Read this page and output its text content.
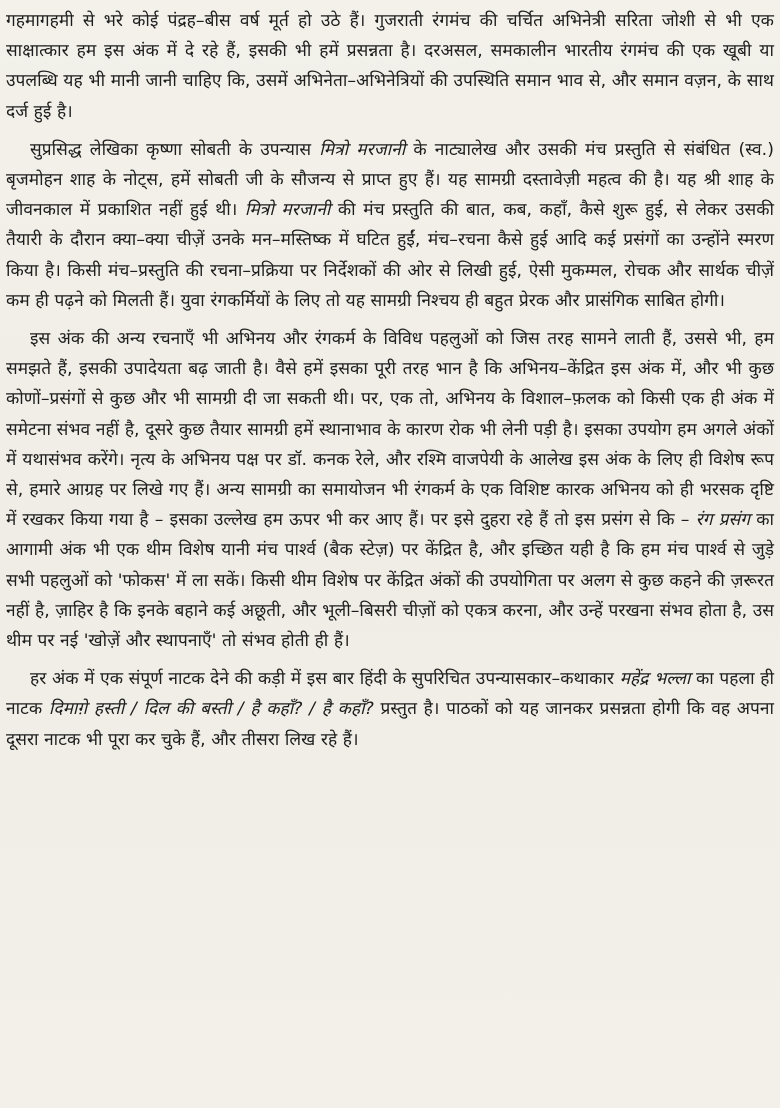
गहमागहमी से भरे कोई पंद्रह–बीस वर्ष मूर्त हो उठे हैं। गुजराती रंगमंच की चर्चित अभिनेत्री सरिता जोशी से भी एक साक्षात्कार हम इस अंक में दे रहे हैं, इसकी भी हमें प्रसन्नता है। दरअसल, समकालीन भारतीय रंगमंच की एक खूबी या उपलब्धि यह भी मानी जानी चाहिए कि, उसमें अभिनेता–अभिनेत्रियों की उपस्थिति समान भाव से, और समान वज़न, के साथ दर्ज हुई है।

सुप्रसिद्ध लेखिका कृष्णा सोबती के उपन्यास मित्रो मरजानी के नाट्यालेख और उसकी मंच प्रस्तुति से संबंधित (स्व.) बृजमोहन शाह के नोट्स, हमें सोबती जी के सौजन्य से प्राप्त हुए हैं। यह सामग्री दस्तावेज़ी महत्व की है। यह श्री शाह के जीवनकाल में प्रकाशित नहीं हुई थी। मित्रो मरजानी की मंच प्रस्तुति की बात, कब, कहाँ, कैसे शुरू हुई, से लेकर उसकी तैयारी के दौरान क्या–क्या चीज़ें उनके मन–मस्तिष्क में घटित हुईं, मंच–रचना कैसे हुई आदि कई प्रसंगों का उन्होंने स्मरण किया है। किसी मंच–प्रस्तुति की रचना–प्रक्रिया पर निर्देशकों की ओर से लिखी हुई, ऐसी मुकम्मल, रोचक और सार्थक चीज़ें कम ही पढ़ने को मिलती हैं। युवा रंगकर्मियों के लिए तो यह सामग्री निश्चय ही बहुत प्रेरक और प्रासंगिक साबित होगी।

इस अंक की अन्य रचनाएँ भी अभिनय और रंगकर्म के विविध पहलुओं को जिस तरह सामने लाती हैं, उससे भी, हम समझते हैं, इसकी उपादेयता बढ़ जाती है। वैसे हमें इसका पूरी तरह भान है कि अभिनय–केंद्रित इस अंक में, और भी कुछ कोणों–प्रसंगों से कुछ और भी सामग्री दी जा सकती थी। पर, एक तो, अभिनय के विशाल–फ़लक को किसी एक ही अंक में समेटना संभव नहीं है, दूसरे कुछ तैयार सामग्री हमें स्थानाभाव के कारण रोक भी लेनी पड़ी है। इसका उपयोग हम अगले अंकों में यथासंभव करेंगे। नृत्य के अभिनय पक्ष पर डॉ. कनक रेले, और रश्मि वाजपेयी के आलेख इस अंक के लिए ही विशेष रूप से, हमारे आग्रह पर लिखे गए हैं। अन्य सामग्री का समायोजन भी रंगकर्म के एक विशिष्ट कारक अभिनय को ही भरसक दृष्टि में रखकर किया गया है – इसका उल्लेख हम ऊपर भी कर आए हैं। पर इसे दुहरा रहे हैं तो इस प्रसंग से कि – रंग प्रसंग का आगामी अंक भी एक थीम विशेष यानी मंच पार्श्व (बैक स्टेज़) पर केंद्रित है, और इच्छित यही है कि हम मंच पार्श्व से जुड़े सभी पहलुओं को 'फोकस' में ला सकें। किसी थीम विशेष पर केंद्रित अंकों की उपयोगिता पर अलग से कुछ कहने की ज़रूरत नहीं है, ज़ाहिर है कि इनके बहाने कई अछूती, और भूली–बिसरी चीज़ों को एकत्र करना, और उन्हें परखना संभव होता है, उस थीम पर नई 'खोज़ें और स्थापनाएँ' तो संभव होती ही हैं।

हर अंक में एक संपूर्ण नाटक देने की कड़ी में इस बार हिंदी के सुपरिचित उपन्यासकार–कथाकार महेंद्र भल्ला का पहला ही नाटक दिमाग़े हस्ती / दिल की बस्ती / है कहाँ? / है कहाँ? प्रस्तुत है। पाठकों को यह जानकर प्रसन्नता होगी कि वह अपना दूसरा नाटक भी पूरा कर चुके हैं, और तीसरा लिख रहे हैं।
